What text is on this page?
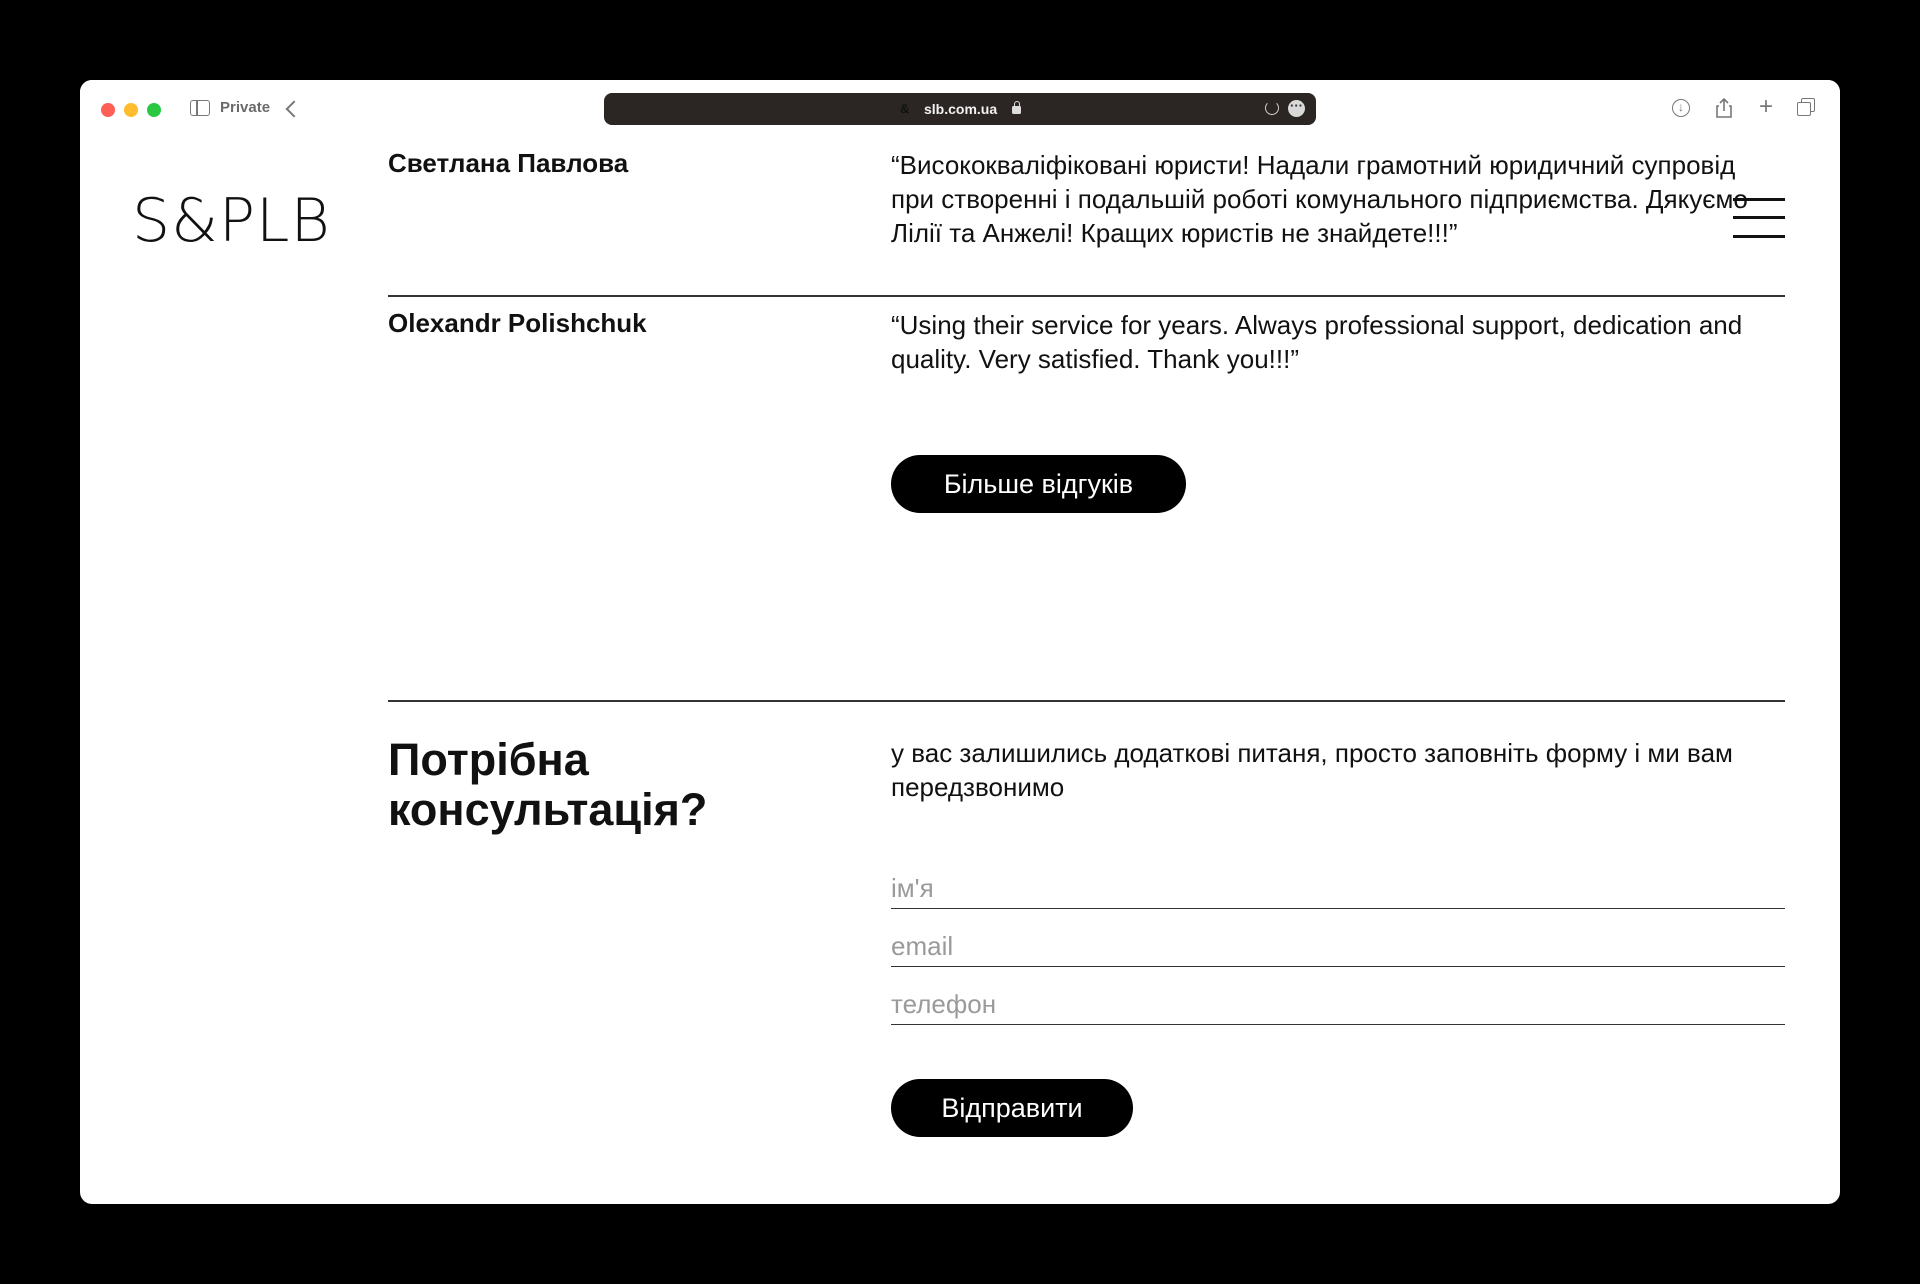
Private	& slb.com.ua	···	↓	+
S&PLB
Светлана Павлова	“Висококваліфіковані юристи! Надали грамотний юридичний супровід при створенні і подальшій роботі комунального підприємства. Дякуємо Лілії та Анжелі! Кращих юристів не знайдете!!!”
Olexandr Polishchuk	“Using their service for years. Always professional support, dedication and quality. Very satisfied. Thank you!!!”
Більше відгуків
Потрібна
консультація?
у вас залишились додаткові питаня, просто заповніть форму і ми вам передзвонимо
ім'я
email
телефон
Відправити
